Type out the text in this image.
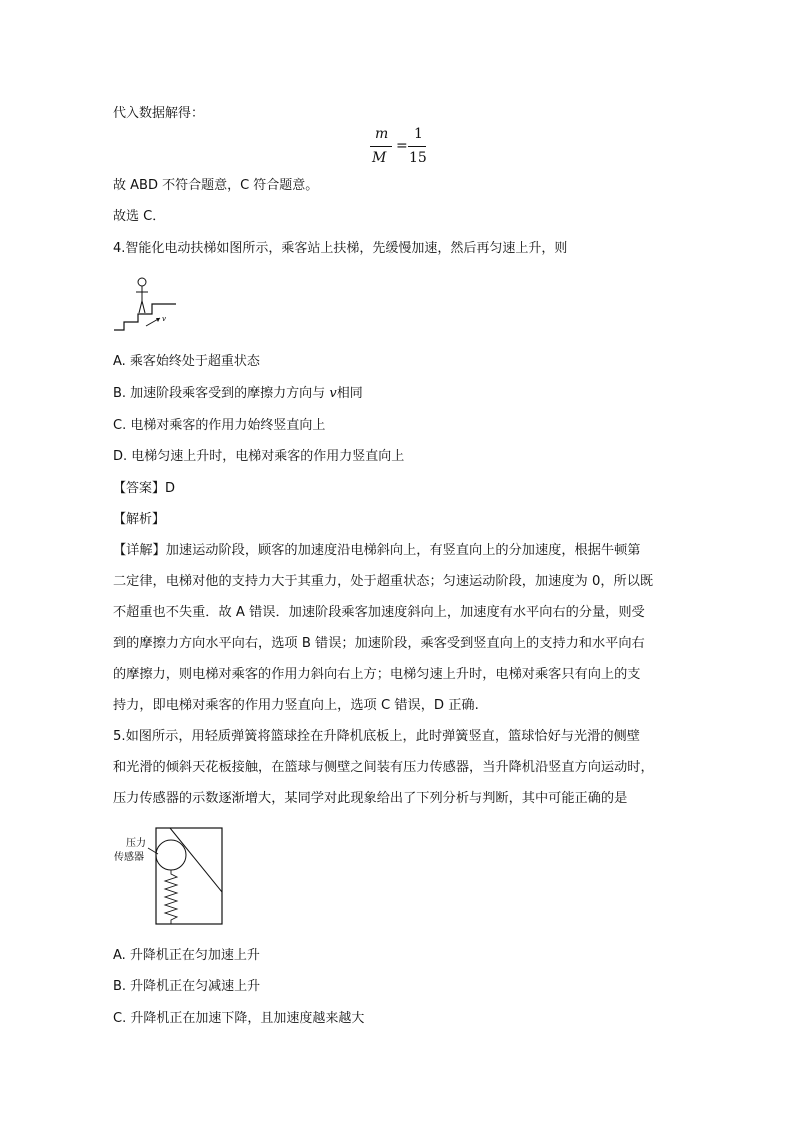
代入数据解得：
m
M
=
1
15
故 ABD 不符合题意，C 符合题意。
故选 C．
4.智能化电动扶梯如图所示，乘客站上扶梯，先缓慢加速，然后再匀速上升，则
v
A. 乘客始终处于超重状态
B. 加速阶段乘客受到的摩擦力方向与 v相同
C. 电梯对乘客的作用力始终竖直向上
D. 电梯匀速上升时，电梯对乘客的作用力竖直向上
【答案】D
【解析】
【详解】加速运动阶段，顾客的加速度沿电梯斜向上，有竖直向上的分加速度，根据牛顿第
二定律，电梯对他的支持力大于其重力，处于超重状态；匀速运动阶段，加速度为 0，所以既
不超重也不失重．故 A 错误．加速阶段乘客加速度斜向上，加速度有水平向右的分量，则受
到的摩擦力方向水平向右，选项 B 错误；加速阶段，乘客受到竖直向上的支持力和水平向右
的摩擦力，则电梯对乘客的作用力斜向右上方；电梯匀速上升时，电梯对乘客只有向上的支
持力，即电梯对乘客的作用力竖直向上，选项 C 错误，D 正确.
5.如图所示，用轻质弹簧将篮球拴在升降机底板上，此时弹簧竖直，篮球恰好与光滑的侧壁
和光滑的倾斜天花板接触，在篮球与侧壁之间装有压力传感器，当升降机沿竖直方向运动时，
压力传感器的示数逐渐增大，某同学对此现象给出了下列分析与判断，其中可能正确的是
压力
传感器
A. 升降机正在匀加速上升
B. 升降机正在匀减速上升
C. 升降机正在加速下降，且加速度越来越大
